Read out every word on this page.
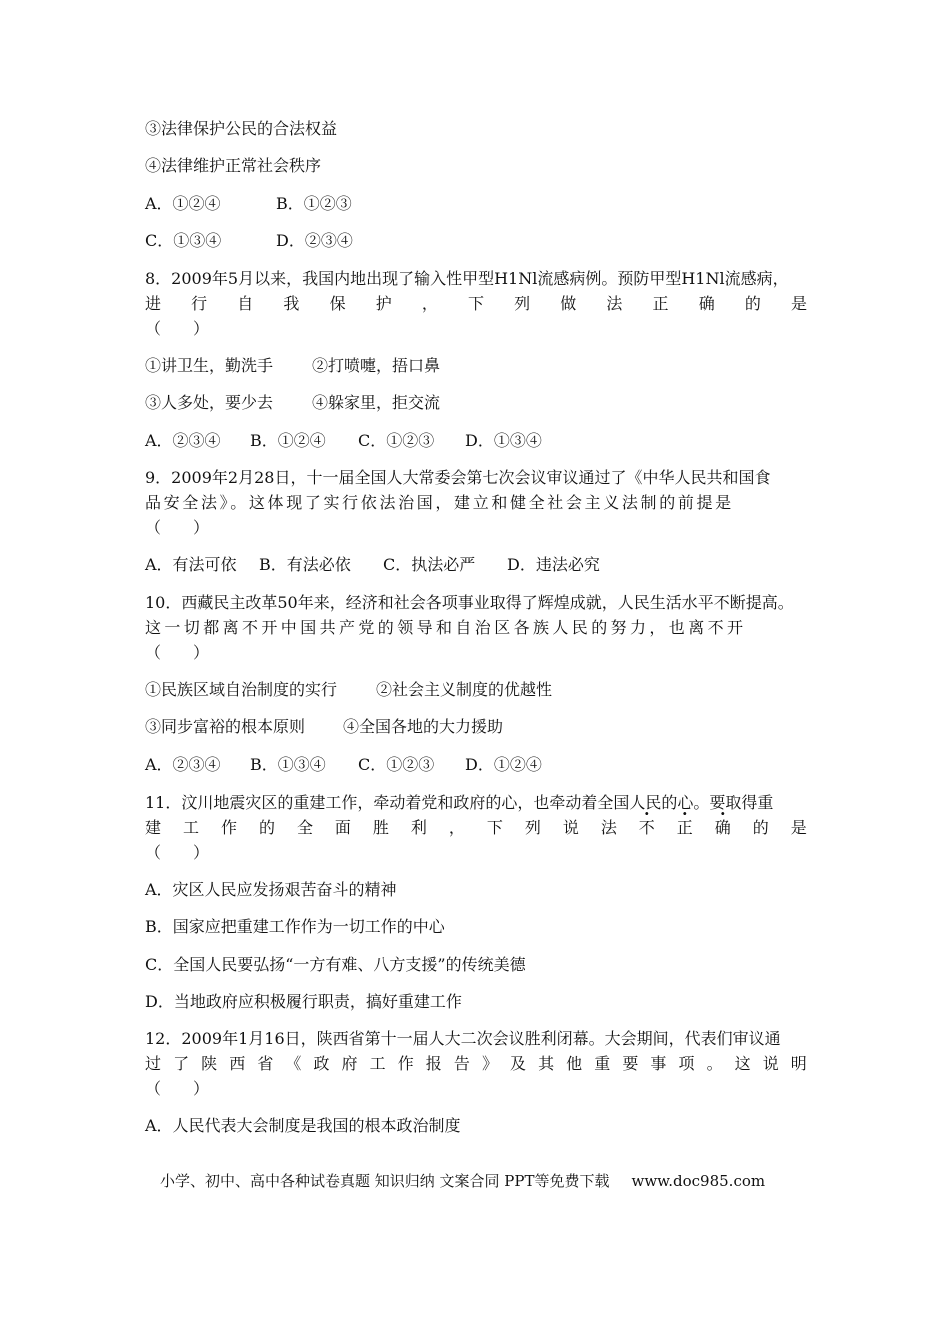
③法律保护公民的合法权益
④法律维护正常社会秩序
A．①②④	B．①②③
C．①③④	D．②③④
8．2009年5月以来，我国内地出现了输入性甲型H1Nl流感病例。预防甲型H1Nl流感病，
进 行 自 我 保 护 ， 下 列 做 法 正 确 的 是
（　　）
①讲卫生，勤洗手	②打喷嚏，捂口鼻
③人多处，要少去	④躲家里，拒交流
A．②③④	B．①②④	C．①②③	D．①③④
9．2009年2月28日，十一届全国人大常委会第七次会议审议通过了《中华人民共和国食
品安全法》。这体现了实行依法治国，建立和健全社会主义法制的前提是
（　　）
A．有法可依	B．有法必依	C．执法必严	D．违法必究
10．西藏民主改革50年来，经济和社会各项事业取得了辉煌成就，人民生活水平不断提高。
这一切都离不开中国共产党的领导和自治区各族人民的努力，也离不开
（　　）
①民族区域自治制度的实行	②社会主义制度的优越性
③同步富裕的根本原则	④全国各地的大力援助
A．②③④	B．①③④	C．①②③	D．①②④
11．汶川地震灾区的重建工作，牵动着党和政府的心，也牵动着全国人民的心。要取得重
建 工 作 的 全 面 胜 利 ， 下 列 说 法 · 不 · 正 · 确 的 是
（　　）
A．灾区人民应发扬艰苦奋斗的精神
B．国家应把重建工作作为一切工作的中心
C．全国人民要弘扬“一方有难、八方支援”的传统美德
D．当地政府应积极履行职责，搞好重建工作
12．2009年1月16日，陕西省第十一届人大二次会议胜利闭幕。大会期间，代表们审议通
过 了 陕 西 省 《 政 府 工 作 报 告 》 及 其 他 重 要 事 项 。 这 说 明
（　　）
A．人民代表大会制度是我国的根本政治制度
小学、初中、高中各种试卷真题 知识归纳 文案合同 PPT等免费下载 www.doc985.com
